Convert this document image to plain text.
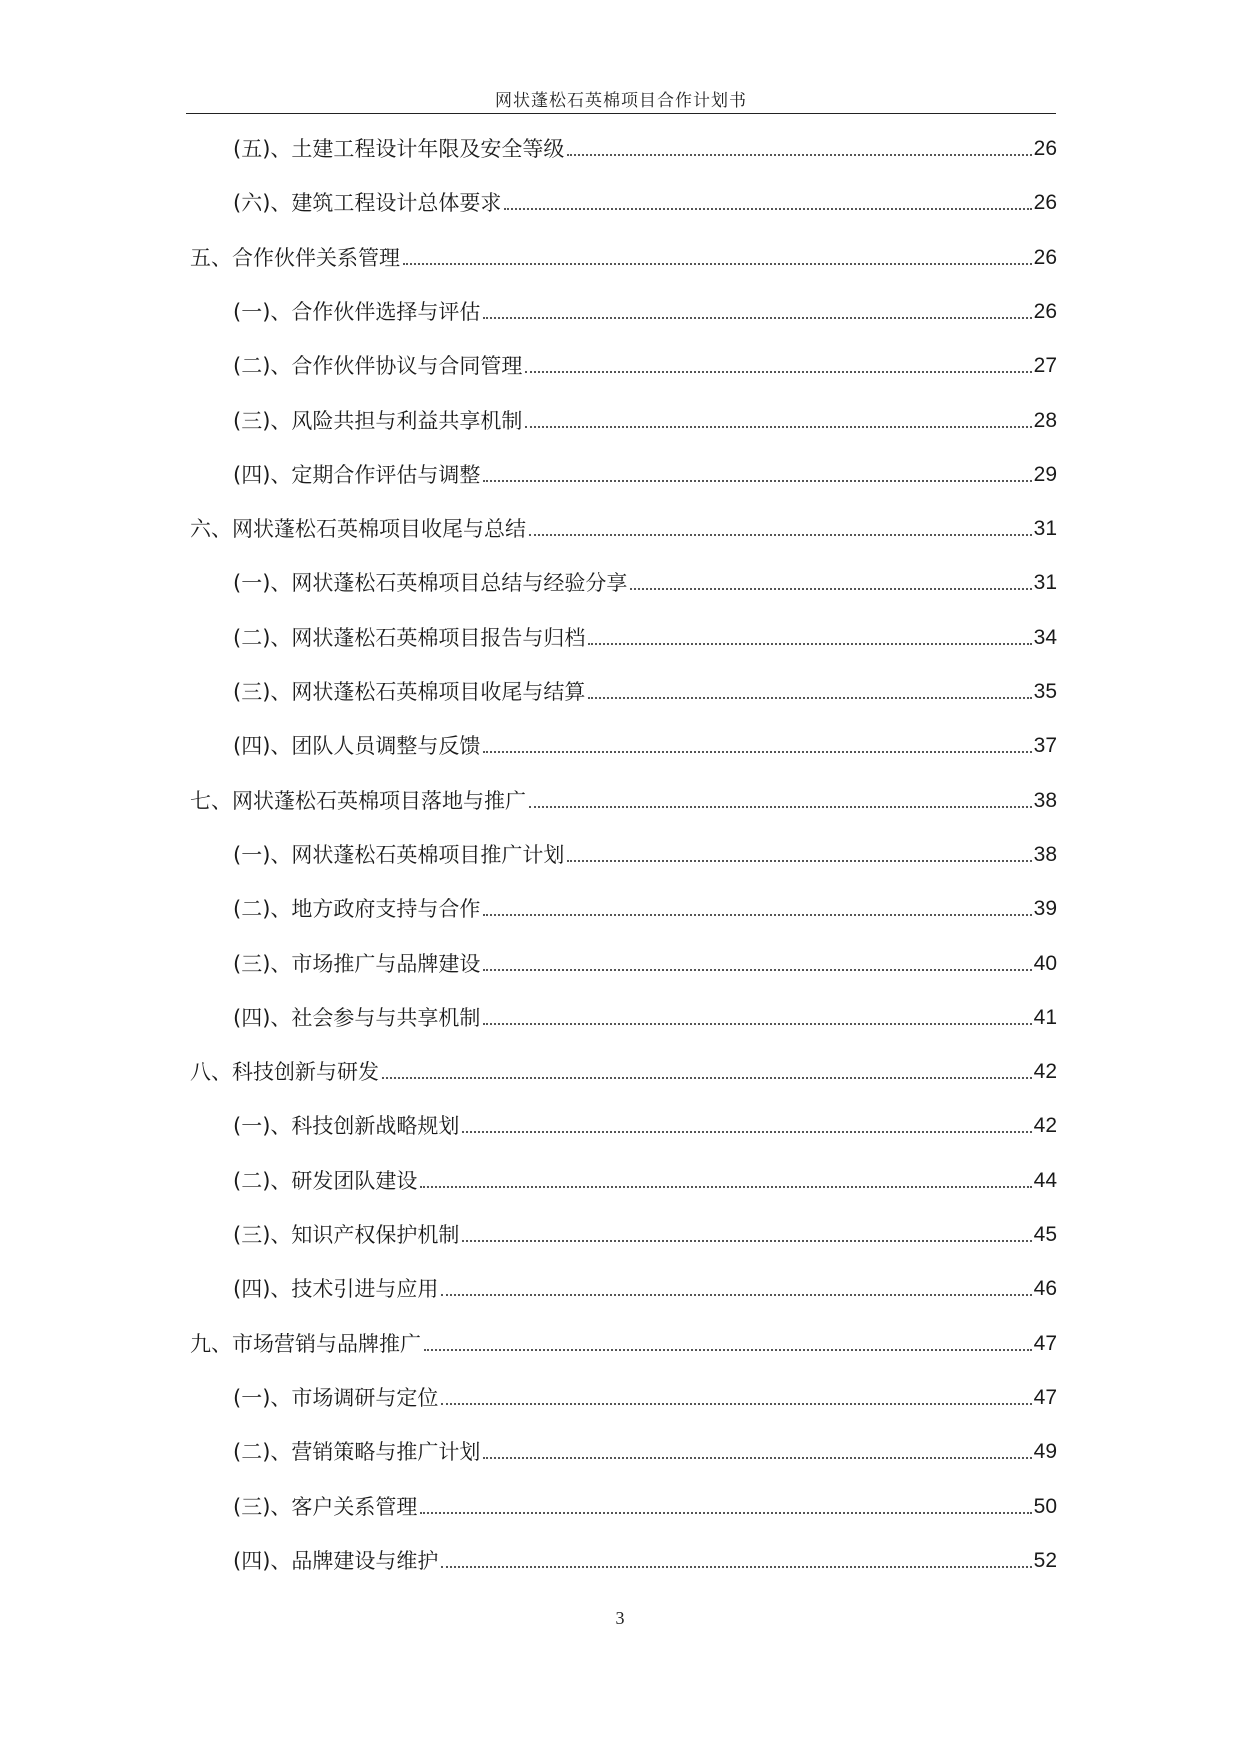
网状蓬松石英棉项目合作计划书
(五)、土建工程设计年限及安全等级	26
(六)、建筑工程设计总体要求	26
五、合作伙伴关系管理	26
(一)、合作伙伴选择与评估	26
(二)、合作伙伴协议与合同管理	27
(三)、风险共担与利益共享机制	28
(四)、定期合作评估与调整	29
六、网状蓬松石英棉项目收尾与总结	31
(一)、网状蓬松石英棉项目总结与经验分享	31
(二)、网状蓬松石英棉项目报告与归档	34
(三)、网状蓬松石英棉项目收尾与结算	35
(四)、团队人员调整与反馈	37
七、网状蓬松石英棉项目落地与推广	38
(一)、网状蓬松石英棉项目推广计划	38
(二)、地方政府支持与合作	39
(三)、市场推广与品牌建设	40
(四)、社会参与与共享机制	41
八、科技创新与研发	42
(一)、科技创新战略规划	42
(二)、研发团队建设	44
(三)、知识产权保护机制	45
(四)、技术引进与应用	46
九、市场营销与品牌推广	47
(一)、市场调研与定位	47
(二)、营销策略与推广计划	49
(三)、客户关系管理	50
(四)、品牌建设与维护	52
3
